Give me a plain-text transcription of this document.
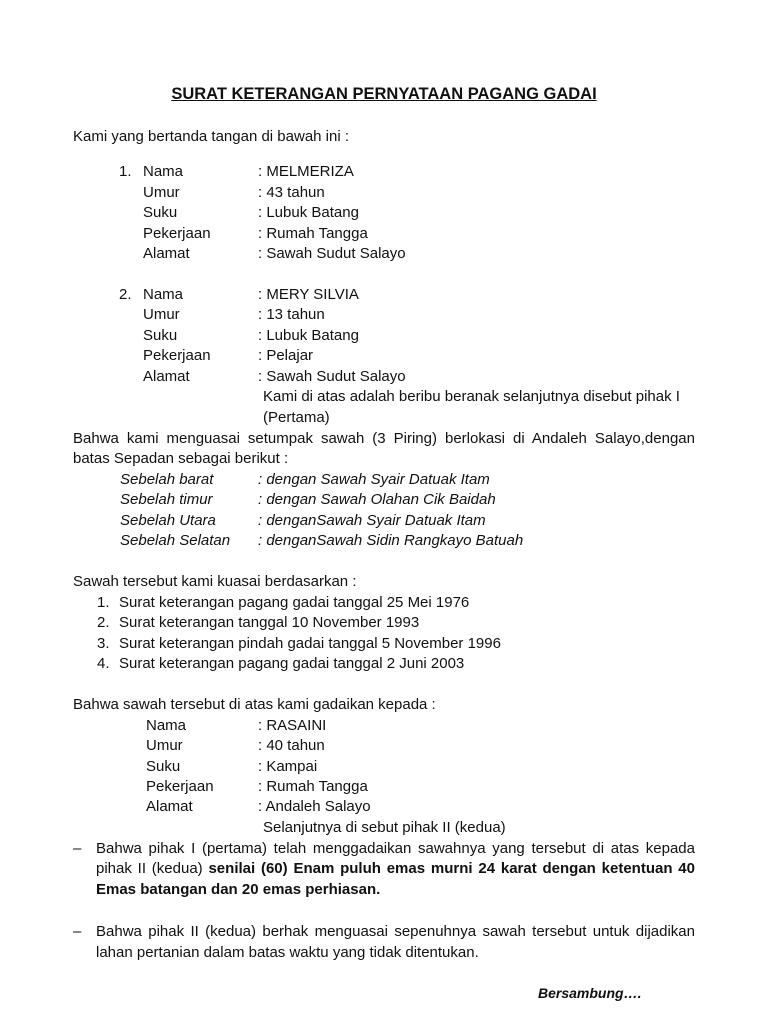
SURAT KETERANGAN PERNYATAAN PAGANG GADAI
Kami yang bertanda tangan di bawah ini :
1. Nama	: MELMERIZA
Umur	: 43 tahun
Suku	: Lubuk Batang
Pekerjaan	: Rumah Tangga
Alamat	: Sawah Sudut Salayo
2. Nama	: MERY SILVIA
Umur	: 13 tahun
Suku	: Lubuk Batang
Pekerjaan	: Pelajar
Alamat	: Sawah Sudut Salayo
Kami di atas adalah beribu beranak selanjutnya disebut pihak I
(Pertama)
Bahwa kami menguasai setumpak sawah (3 Piring) berlokasi di Andaleh Salayo,dengan
batas Sepadan sebagai berikut :
Sebelah barat	: dengan Sawah Syair Datuak Itam
Sebelah timur	: dengan Sawah Olahan Cik Baidah
Sebelah Utara	: denganSawah Syair Datuak Itam
Sebelah Selatan : denganSawah Sidin Rangkayo Batuah
Sawah tersebut kami kuasai berdasarkan :
1. Surat keterangan pagang gadai tanggal 25 Mei 1976
2. Surat keterangan tanggal 10 November 1993
3. Surat keterangan pindah gadai tanggal 5 November 1996
4. Surat keterangan pagang gadai tanggal 2 Juni 2003
Bahwa sawah tersebut di atas kami gadaikan kepada :
Nama	: RASAINI
Umur	: 40 tahun
Suku	: Kampai
Pekerjaan	: Rumah Tangga
Alamat	: Andaleh Salayo
Selanjutnya di sebut pihak II (kedua)
– Bahwa pihak I (pertama) telah menggadaikan sawahnya yang tersebut di atas kepada
pihak II (kedua) senilai (60) Enam puluh emas murni 24 karat dengan ketentuan 40
Emas batangan dan 20 emas perhiasan.
– Bahwa pihak II (kedua) berhak menguasai sepenuhnya sawah tersebut untuk dijadikan
lahan pertanian dalam batas waktu yang tidak ditentukan.
Bersambung….
